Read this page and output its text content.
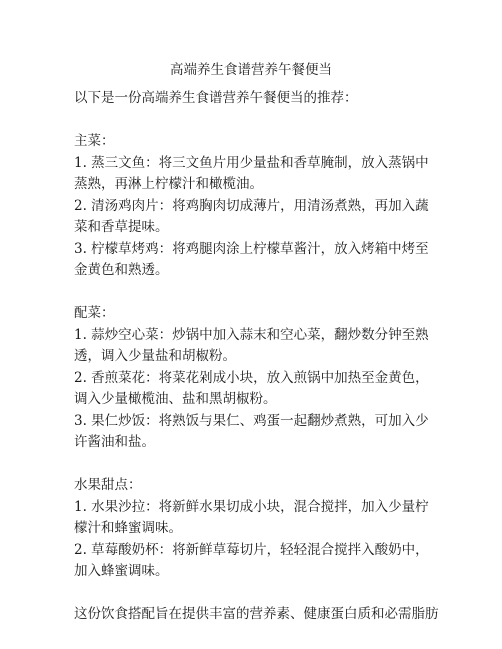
高端养生食谱营养午餐便当

以下是一份高端养生食谱营养午餐便当的推荐：

主菜：

1. 蒸三文鱼：将三文鱼片用少量盐和香草腌制，放入蒸锅中蒸熟，再淋上柠檬汁和橄榄油。

2. 清汤鸡肉片：将鸡胸肉切成薄片，用清汤煮熟，再加入蔬菜和香草提味。

3. 柠檬草烤鸡：将鸡腿肉涂上柠檬草酱汁，放入烤箱中烤至金黄色和熟透。

配菜：

1. 蒜炒空心菜：炒锅中加入蒜末和空心菜，翻炒数分钟至熟透，调入少量盐和胡椒粉。

2. 香煎菜花：将菜花剁成小块，放入煎锅中加热至金黄色，调入少量橄榄油、盐和黑胡椒粉。

3. 果仁炒饭：将熟饭与果仁、鸡蛋一起翻炒煮熟，可加入少许酱油和盐。

水果甜点：

1. 水果沙拉：将新鲜水果切成小块，混合搅拌，加入少量柠檬汁和蜂蜜调味。

2. 草莓酸奶杯：将新鲜草莓切片，轻轻混合搅拌入酸奶中，加入蜂蜜调味。

这份饮食搭配旨在提供丰富的营养素、健康蛋白质和必需脂肪
